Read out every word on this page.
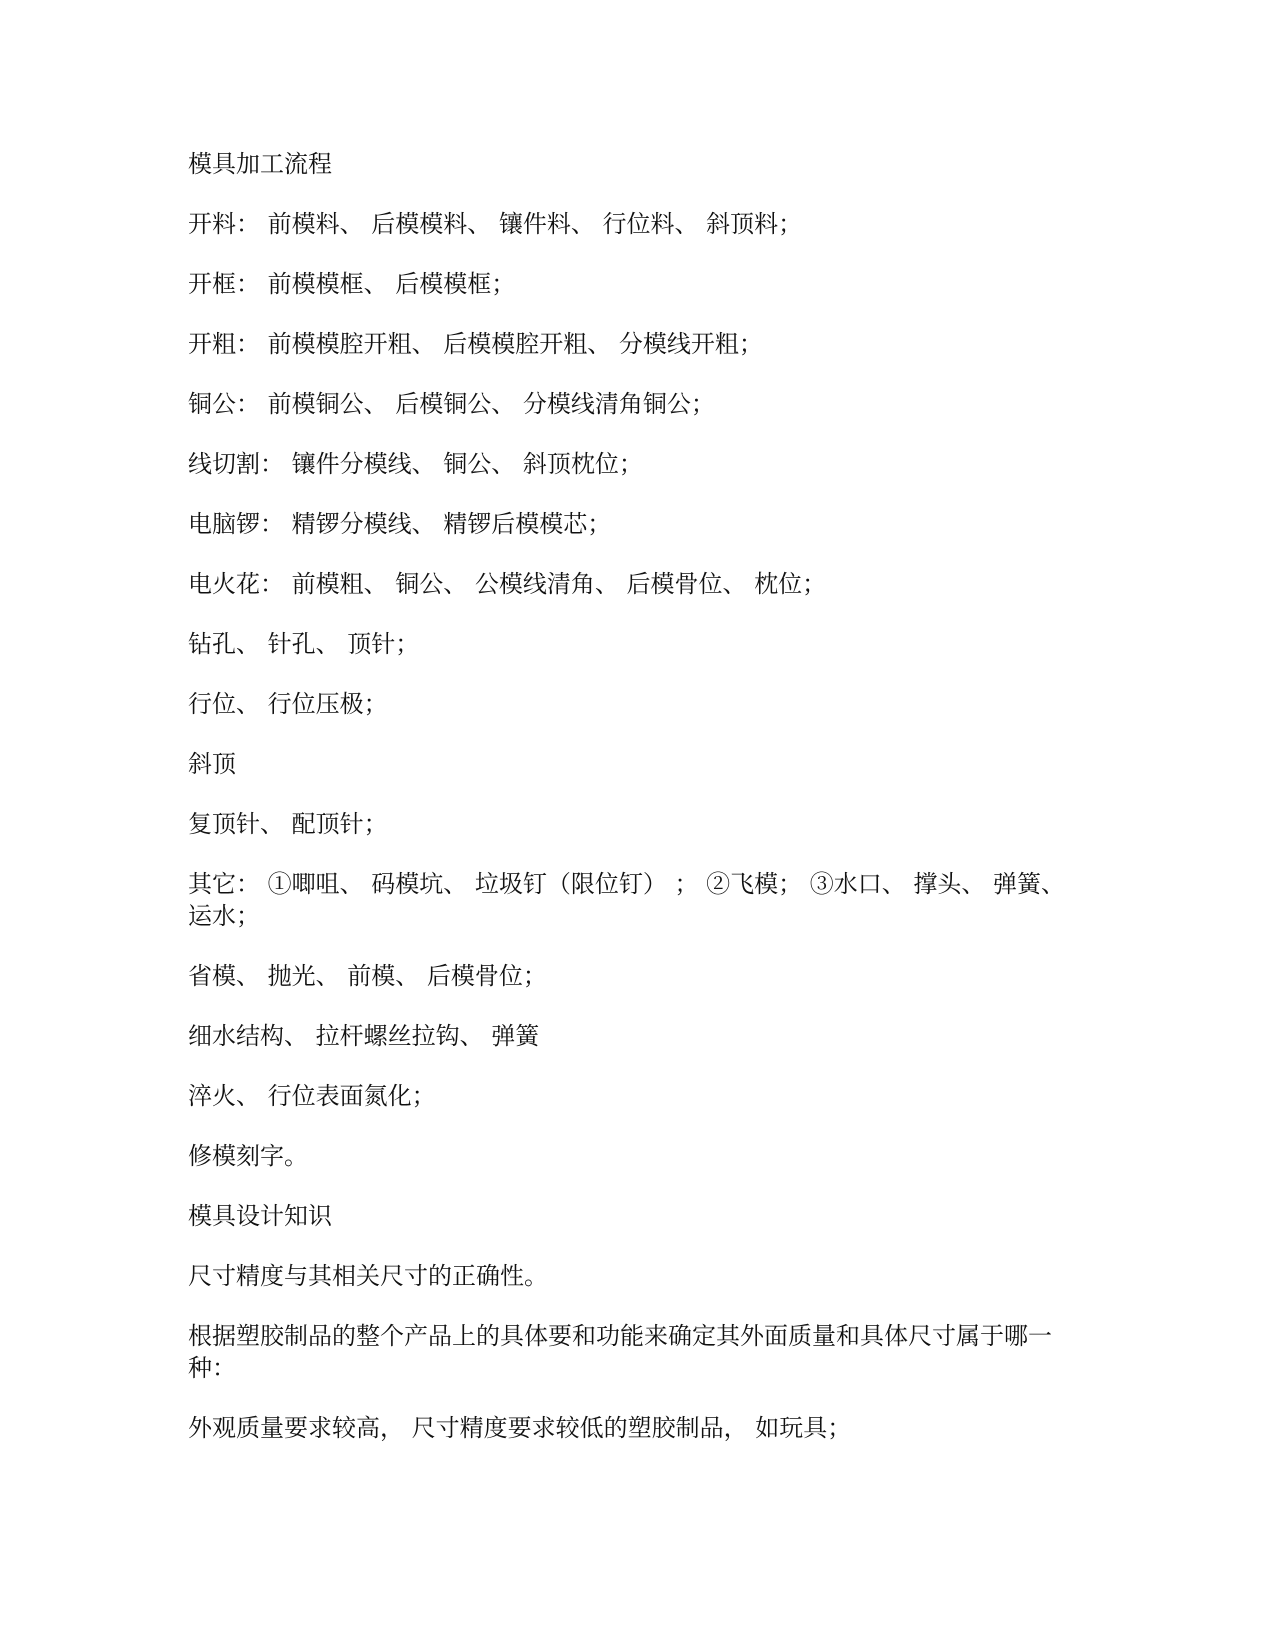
模具加工流程

开料： 前模料、 后模模料、 镶件料、 行位料、 斜顶料；

开框： 前模模框、 后模模框；

开粗： 前模模腔开粗、 后模模腔开粗、 分模线开粗；

铜公： 前模铜公、 后模铜公、 分模线清角铜公；

线切割： 镶件分模线、 铜公、 斜顶枕位；

电脑锣： 精锣分模线、 精锣后模模芯；

电火花： 前模粗、 铜公、 公模线清角、 后模骨位、 枕位；

钻孔、 针孔、 顶针；

行位、 行位压极；

斜顶

复顶针、 配顶针；

其它： ①唧咀、 码模坑、 垃圾钉（限位钉） ； ②飞模； ③水口、 撑头、 弹簧、 运水；

省模、 抛光、 前模、 后模骨位；

细水结构、 拉杆螺丝拉钩、 弹簧

淬火、 行位表面氮化；

修模刻字。

模具设计知识

尺寸精度与其相关尺寸的正确性。

根据塑胶制品的整个产品上的具体要和功能来确定其外面质量和具体尺寸属于哪一种：

外观质量要求较高， 尺寸精度要求较低的塑胶制品， 如玩具；
